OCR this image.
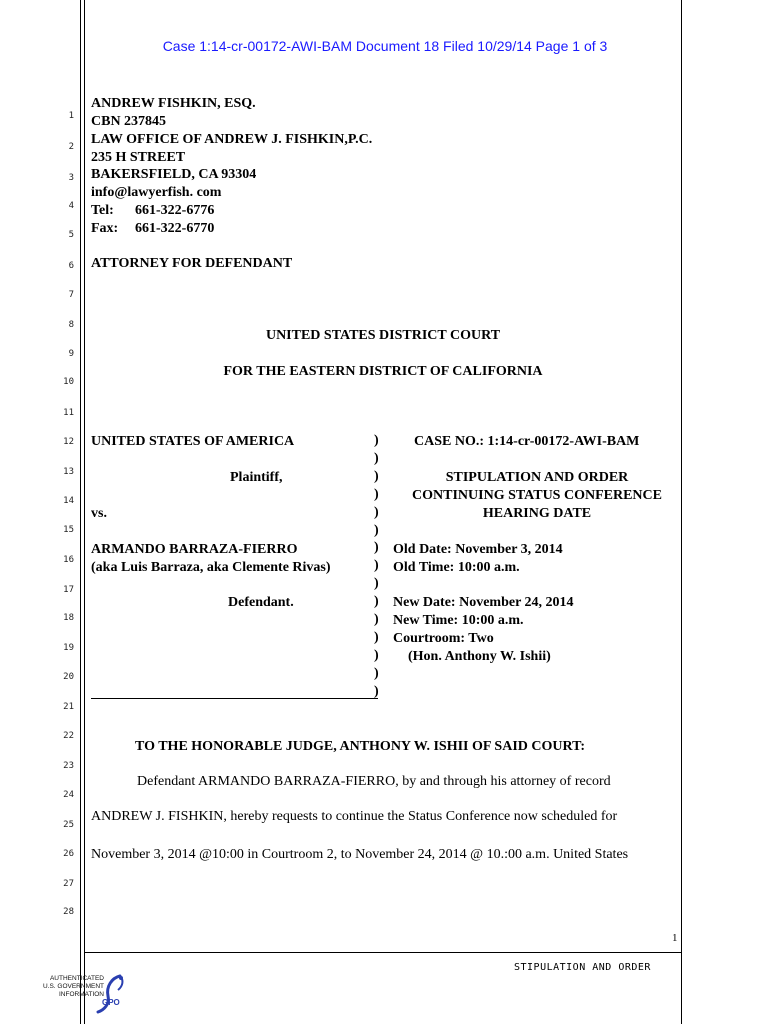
Case 1:14-cr-00172-AWI-BAM Document 18 Filed 10/29/14 Page 1 of 3
1
2
3
4
5
6
7
8
9
10
11
12
13
14
15
16
17
18
19
20
21
22
23
24
25
26
27
28
ANDREW FISHKIN, ESQ.
CBN 237845
LAW OFFICE OF ANDREW J. FISHKIN,P.C.
235 H STREET
BAKERSFIELD, CA 93304
info@lawyerfish. com
Tel: 661-322-6776
Fax: 661-322-6770
ATTORNEY FOR DEFENDANT
UNITED STATES DISTRICT COURT
FOR THE EASTERN DISTRICT OF CALIFORNIA
UNITED STATES OF AMERICA
Plaintiff,
vs.
ARMANDO BARRAZA-FIERRO
(aka Luis Barraza, aka Clemente Rivas)
Defendant.
)
)
)
)
)
)
)
)
)
)
)
)
)
)
)
CASE NO.: 1:14-cr-00172-AWI-BAM
STIPULATION AND ORDER
CONTINUING STATUS CONFERENCE
HEARING DATE
Old Date: November 3, 2014
Old Time: 10:00 a.m.
New Date: November 24, 2014
New Time: 10:00 a.m.
Courtroom: Two
(Hon. Anthony W. Ishii)
TO THE HONORABLE JUDGE, ANTHONY W. ISHII OF SAID COURT:
Defendant ARMANDO BARRAZA-FIERRO, by and through his attorney of record
ANDREW J. FISHKIN, hereby requests to continue the Status Conference now scheduled for
November 3, 2014 @10:00 in Courtroom 2, to November 24, 2014 @ 10.:00 a.m. United States
1
STIPULATION AND ORDER
AUTHENTICATED
U.S. GOVERNMENT
INFORMATION
GPO
